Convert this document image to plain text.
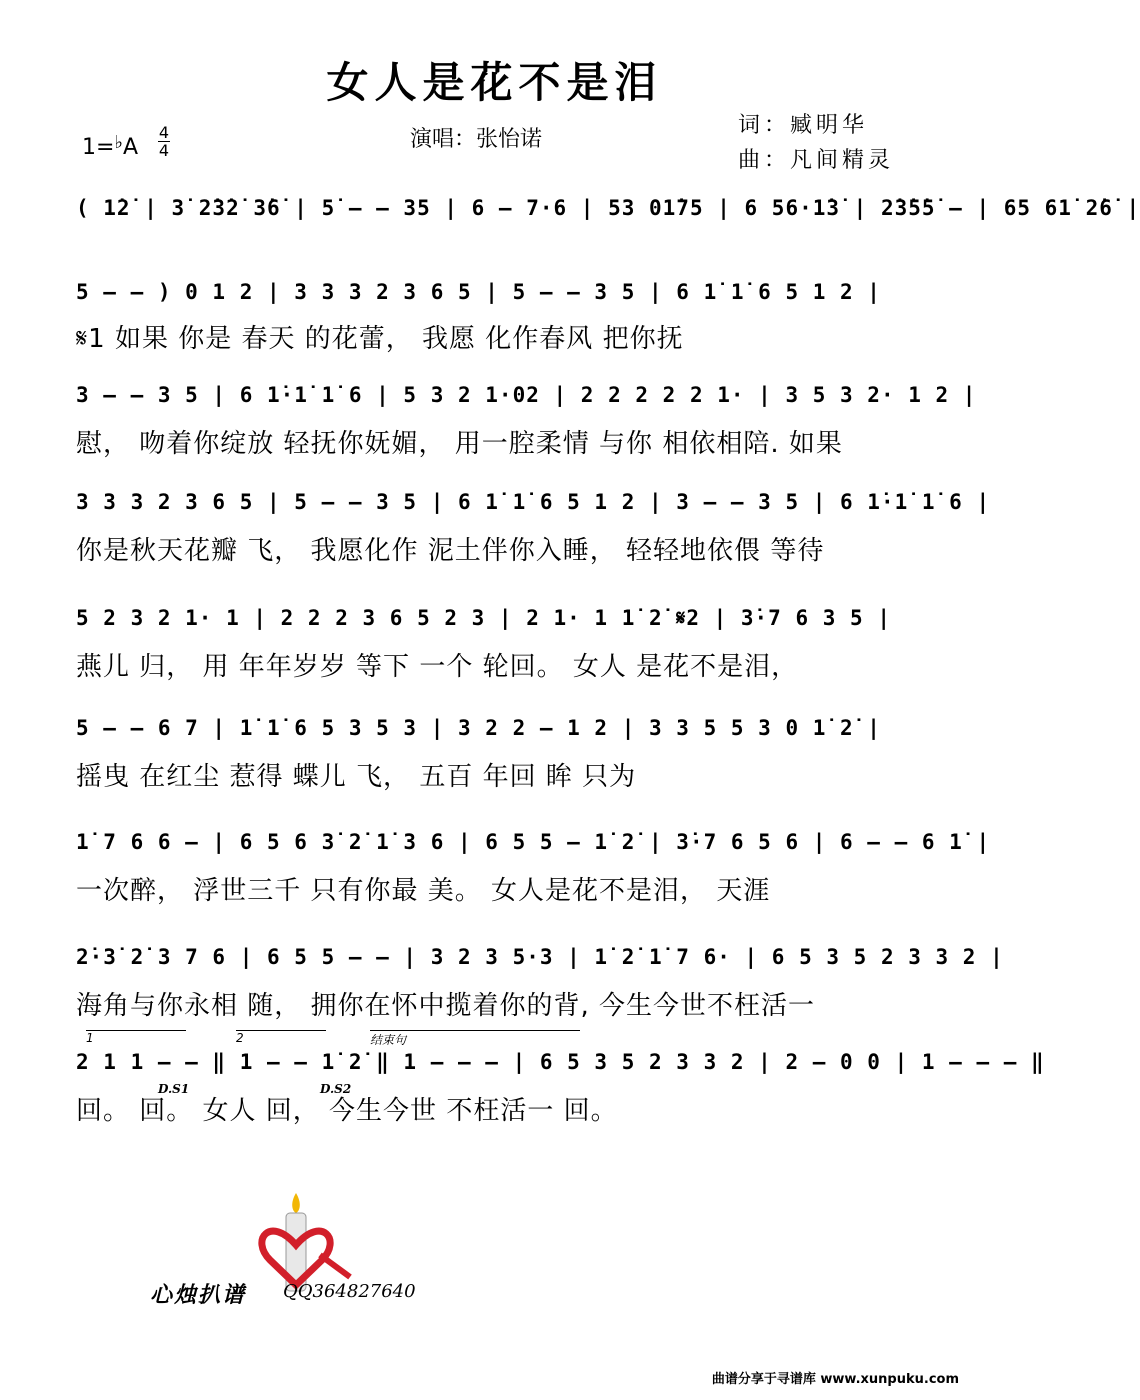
女人是花不是泪
1=♭A
4
4	演唱：张怡诺
词：臧明华
曲：凡间精灵
( 1̇2̇ | 3̇ 2̇3̇2̇ 3̇6̇ | 5̇ – – 35 | 6 – 7·6 | 53 01̇75 | 6 56·1̇3̇ | 2̇3̇5̇5̇ – | 65 61̇ 2̇6̇ |
5 – – ) 0 1 2 | 3 3 3 2 3 6 5 | 5 – – 3 5 | 6 1̇ 1̇ 6 5 1 2 |
𝄋1 如果 你是 春天 的花蕾， 我愿 化作春风 把你抚
3 – – 3 5 | 6 1̇·1̇ 1̇ 6 | 5 3 2 1·02 | 2 2 2 2 2 1· | 3 5 3 2· 1 2 |
慰， 吻着你绽放 轻抚你妩媚， 用一腔柔情 与你 相依相陪. 如果
3 3 3 2 3 6 5 | 5 – – 3 5 | 6 1̇ 1̇ 6 5 1 2 | 3 – – 3 5 | 6 1̇·1̇ 1̇ 6 |
你是秋天花瓣 飞， 我愿化作 泥土伴你入睡， 轻轻地依偎 等待
5 2 3 2 1· 1 | 2 2 2 3 6 5 2 3 | 2 1· 1 1̇ 2̇ 𝄋2 | 3̇·7 6 3 5 |
燕儿 归， 用 年年岁岁 等下 一个 轮回。 女人 是花不是泪，
5 – – 6 7 | 1̇ 1̇ 6 5 3 5 3 | 3 2 2 – 1 2 | 3 3 5 5 3 0 1̇ 2̇ |
摇曳 在红尘 惹得 蝶儿 飞， 五百 年回 眸 只为
1̇ 7 6 6 – | 6 5 6 3̇ 2̇ 1̇ 3 6 | 6 5 5 – 1̇ 2̇ | 3̇·7 6 5 6 | 6 – – 6 1̇ |
一次醉， 浮世三千 只有你最 美。 女人是花不是泪， 天涯
2̇·3̇ 2̇ 3 7 6 | 6 5 5 – – | 3 2 3 5·3 | 1̇ 2̇ 1̇ 7 6· | 6 5 3 5 2 3 3 2 |
海角与你永相 随， 拥你在怀中揽着你的背, 今生今世不枉活一
1	2	结束句
2 1 1 – – ‖ 1 – – 1̇ 2̇ ‖ 1 – – – | 6 5 3 5 2 3 3 2 | 2 – 0 0 | 1 – – – ‖
回。 回。 女人 回， 今生今世 不枉活一 回。
D.S1	D.S2
心烛扒谱 QQ364827640
曲谱分享于寻谱库 www.xunpuku.com
